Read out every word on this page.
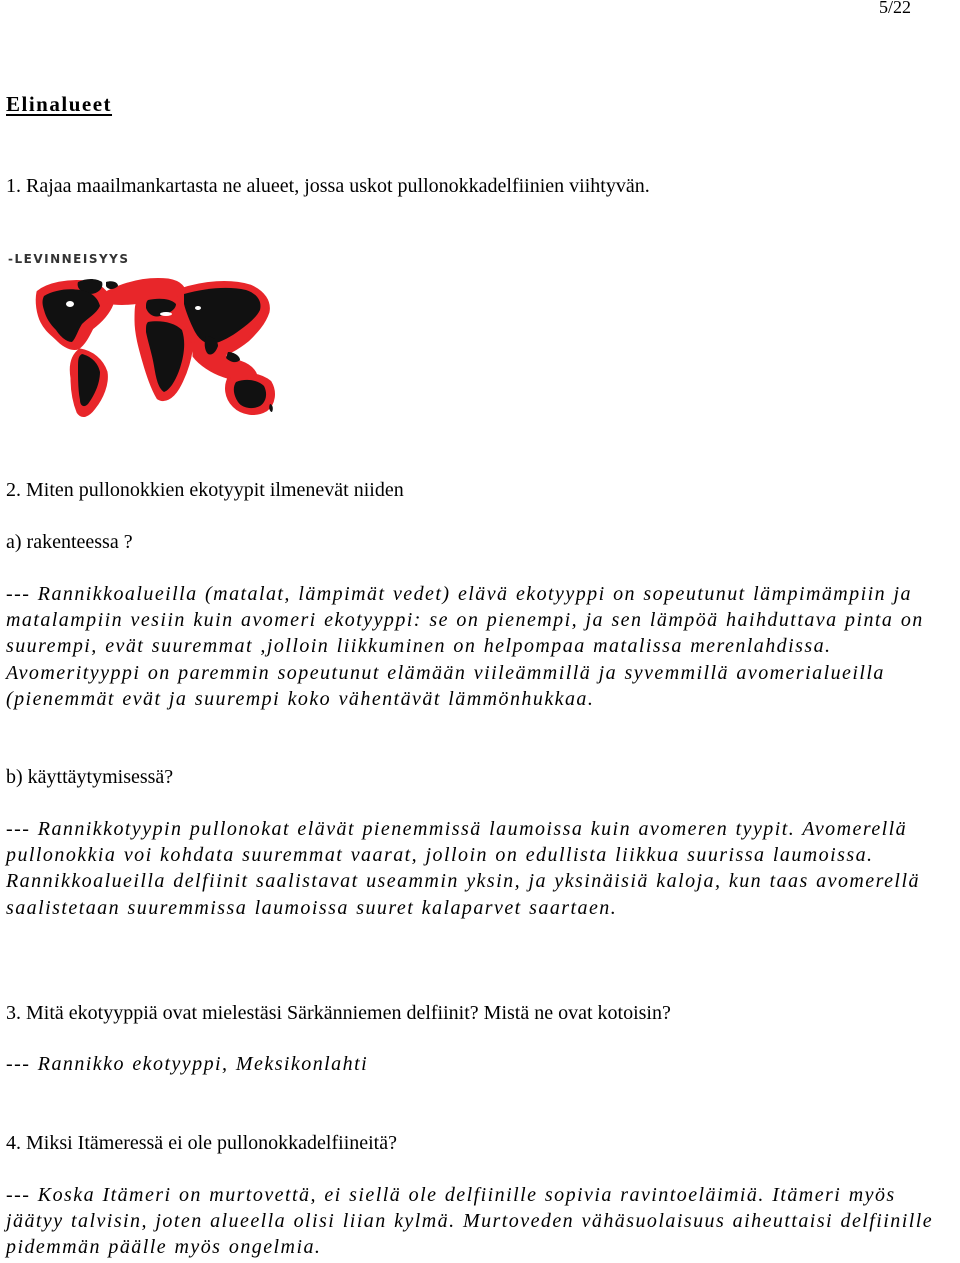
5/22
Elinalueet
1. Rajaa maailmankartasta ne alueet, jossa uskot pullonokkadelfiinien viihtyvän.
-LEVINNEISYYS
2. Miten pullonokkien ekotyypit ilmenevät niiden
a) rakenteessa ?

--- Rannikkoalueilla (matalat, lämpimät vedet) elävä ekotyyppi on sopeutunut lämpimämpiin ja matalampiin vesiin kuin avomeri ekotyyppi: se on pienempi, ja sen lämpöä haihduttava pinta on suurempi, evät suuremmat ,jolloin liikkuminen on helpompaa matalissa merenlahdissa. Avomerityyppi on paremmin sopeutunut elämään viileämmillä ja syvemmillä avomerialueilla (pienemmät evät ja suurempi koko vähentävät lämmönhukkaa.

b) käyttäytymisessä?

--- Rannikkotyypin pullonokat elävät pienemmissä laumoissa kuin avomeren tyypit. Avomerellä pullonokkia voi kohdata suuremmat vaarat, jolloin on edullista liikkua suurissa laumoissa. Rannikkoalueilla delfiinit saalistavat useammin yksin, ja yksinäisiä kaloja, kun taas avomerellä saalistetaan suuremmissa laumoissa suuret kalaparvet saartaen.

3. Mitä ekotyyppiä ovat mielestäsi Särkänniemen delfiinit? Mistä ne ovat kotoisin?

--- Rannikko ekotyyppi, Meksikonlahti

4. Miksi Itämeressä ei ole pullonokkadelfiineitä?

--- Koska Itämeri on murtovettä, ei siellä ole delfiinille sopivia ravintoeläimiä. Itämeri myös jäätyy talvisin, joten alueella olisi liian kylmä. Murtoveden vähäsuolaisuus aiheuttaisi delfiinille pidemmän päälle myös ongelmia.
